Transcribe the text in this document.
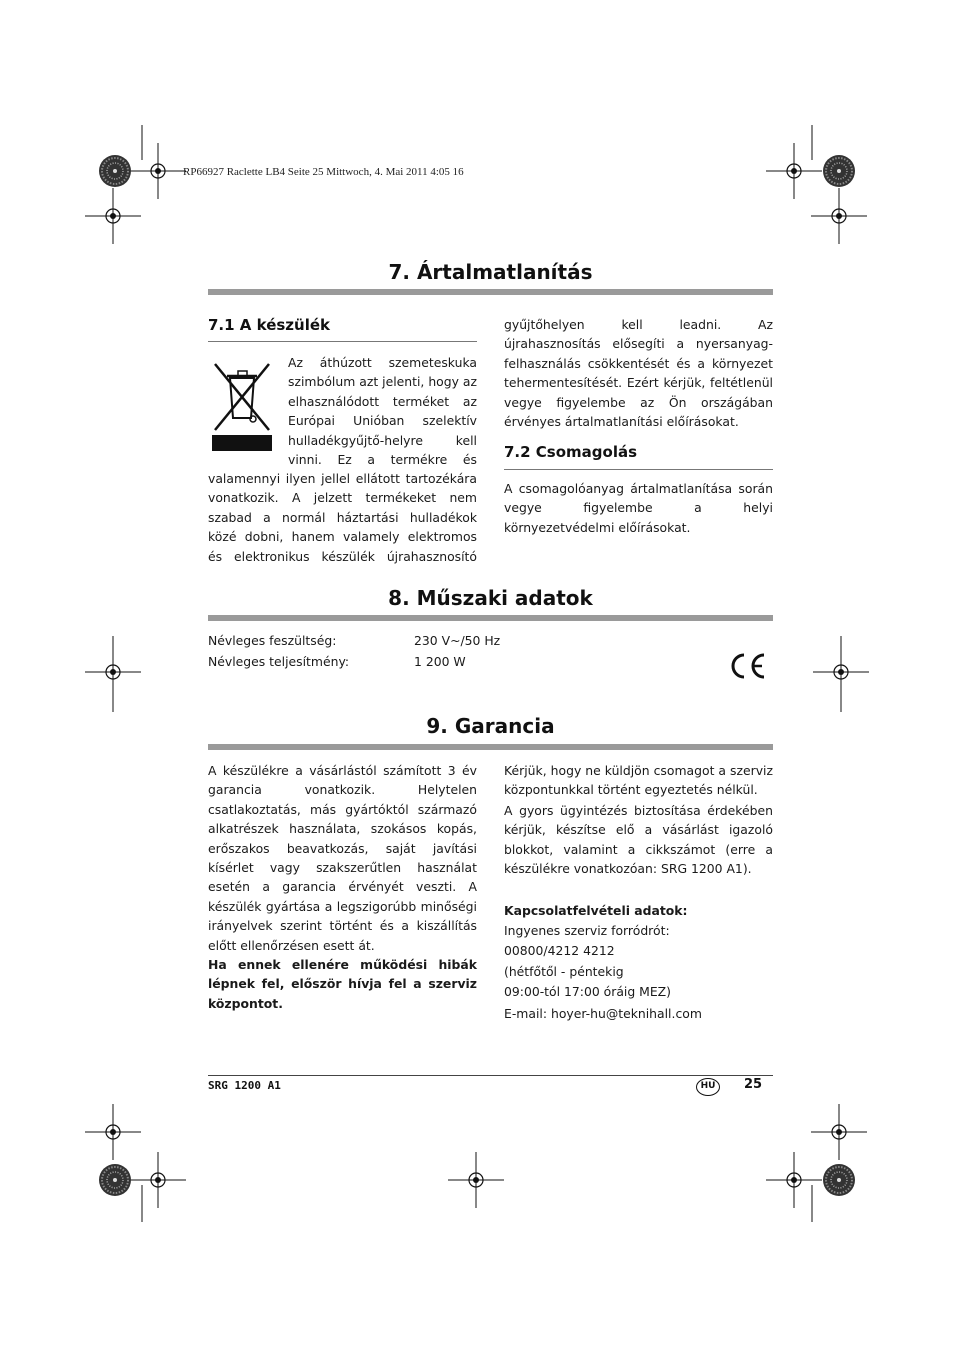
RP66927 Raclette LB4 Seite 25 Mittwoch, 4. Mai 2011 4:05 16
7. Ártalmatlanítás
7.1 A készülék

Az áthúzott szemeteskuka

szimbólum azt jelenti, hogy az

elhasználódott terméket az

Európai Unióban szelektív

hulladékgyűjtő-helyre kell

vinni. Ez a termékre és

valamennyi ilyen jellel ellátott tartozékára vonatkozik. A jelzett termékeket nem szabad a normál háztartási hulladékok közé dobni, hanem valamely elektromos és elektronikus készülék újrahasznosító

gyűjtőhelyen kell leadni. Az újrahasznosítás elősegíti a nyersanyag-felhasználás csökkentését és a környezet tehermentesítését. Ezért kérjük, feltétlenül vegye figyelembe az Ön országában érvényes ártalmatlanítási előírásokat.

7.2 Csomagolás

A csomagolóanyag ártalmatlanítása során vegye figyelembe a helyi környezetvédelmi előírásokat.

8. Műszaki adatok
Névleges feszültség:	230 V~/50 Hz
Névleges teljesítmény:	1 200 W
9. Garancia

A készülékre a vásárlástól számított 3 év garancia vonatkozik. Helytelen csatlakoztatás, más gyártóktól származó alkatrészek használata, szokásos kopás, erőszakos beavatkozás, saját javítási kísérlet vagy szakszerűtlen használat esetén a garancia érvényét veszti. A készülék gyártása a legszigorúbb minőségi irányelvek szerint történt és a kiszállítás előtt ellenőrzésen esett át.

Ha ennek ellenére működési hibák lépnek fel, először hívja fel a szerviz központot.

Kérjük, hogy ne küldjön csomagot a szerviz központunkkal történt egyeztetés nélkül.

A gyors ügyintézés biztosítása érdekében kérjük, készítse elő a vásárlást igazoló blokkot, valamint a cikkszámot (erre a készülékre vonatkozóan: SRG 1200 A1).

Kapcsolatfelvételi adatok:
Ingyenes szerviz forródrót:
00800/4212 4212
(hétfőtől - péntekig
09:00-tól 17:00 óráig MEZ)
E-mail: hoyer-hu@teknihall.com
SRG 1200 A1	HU	25
